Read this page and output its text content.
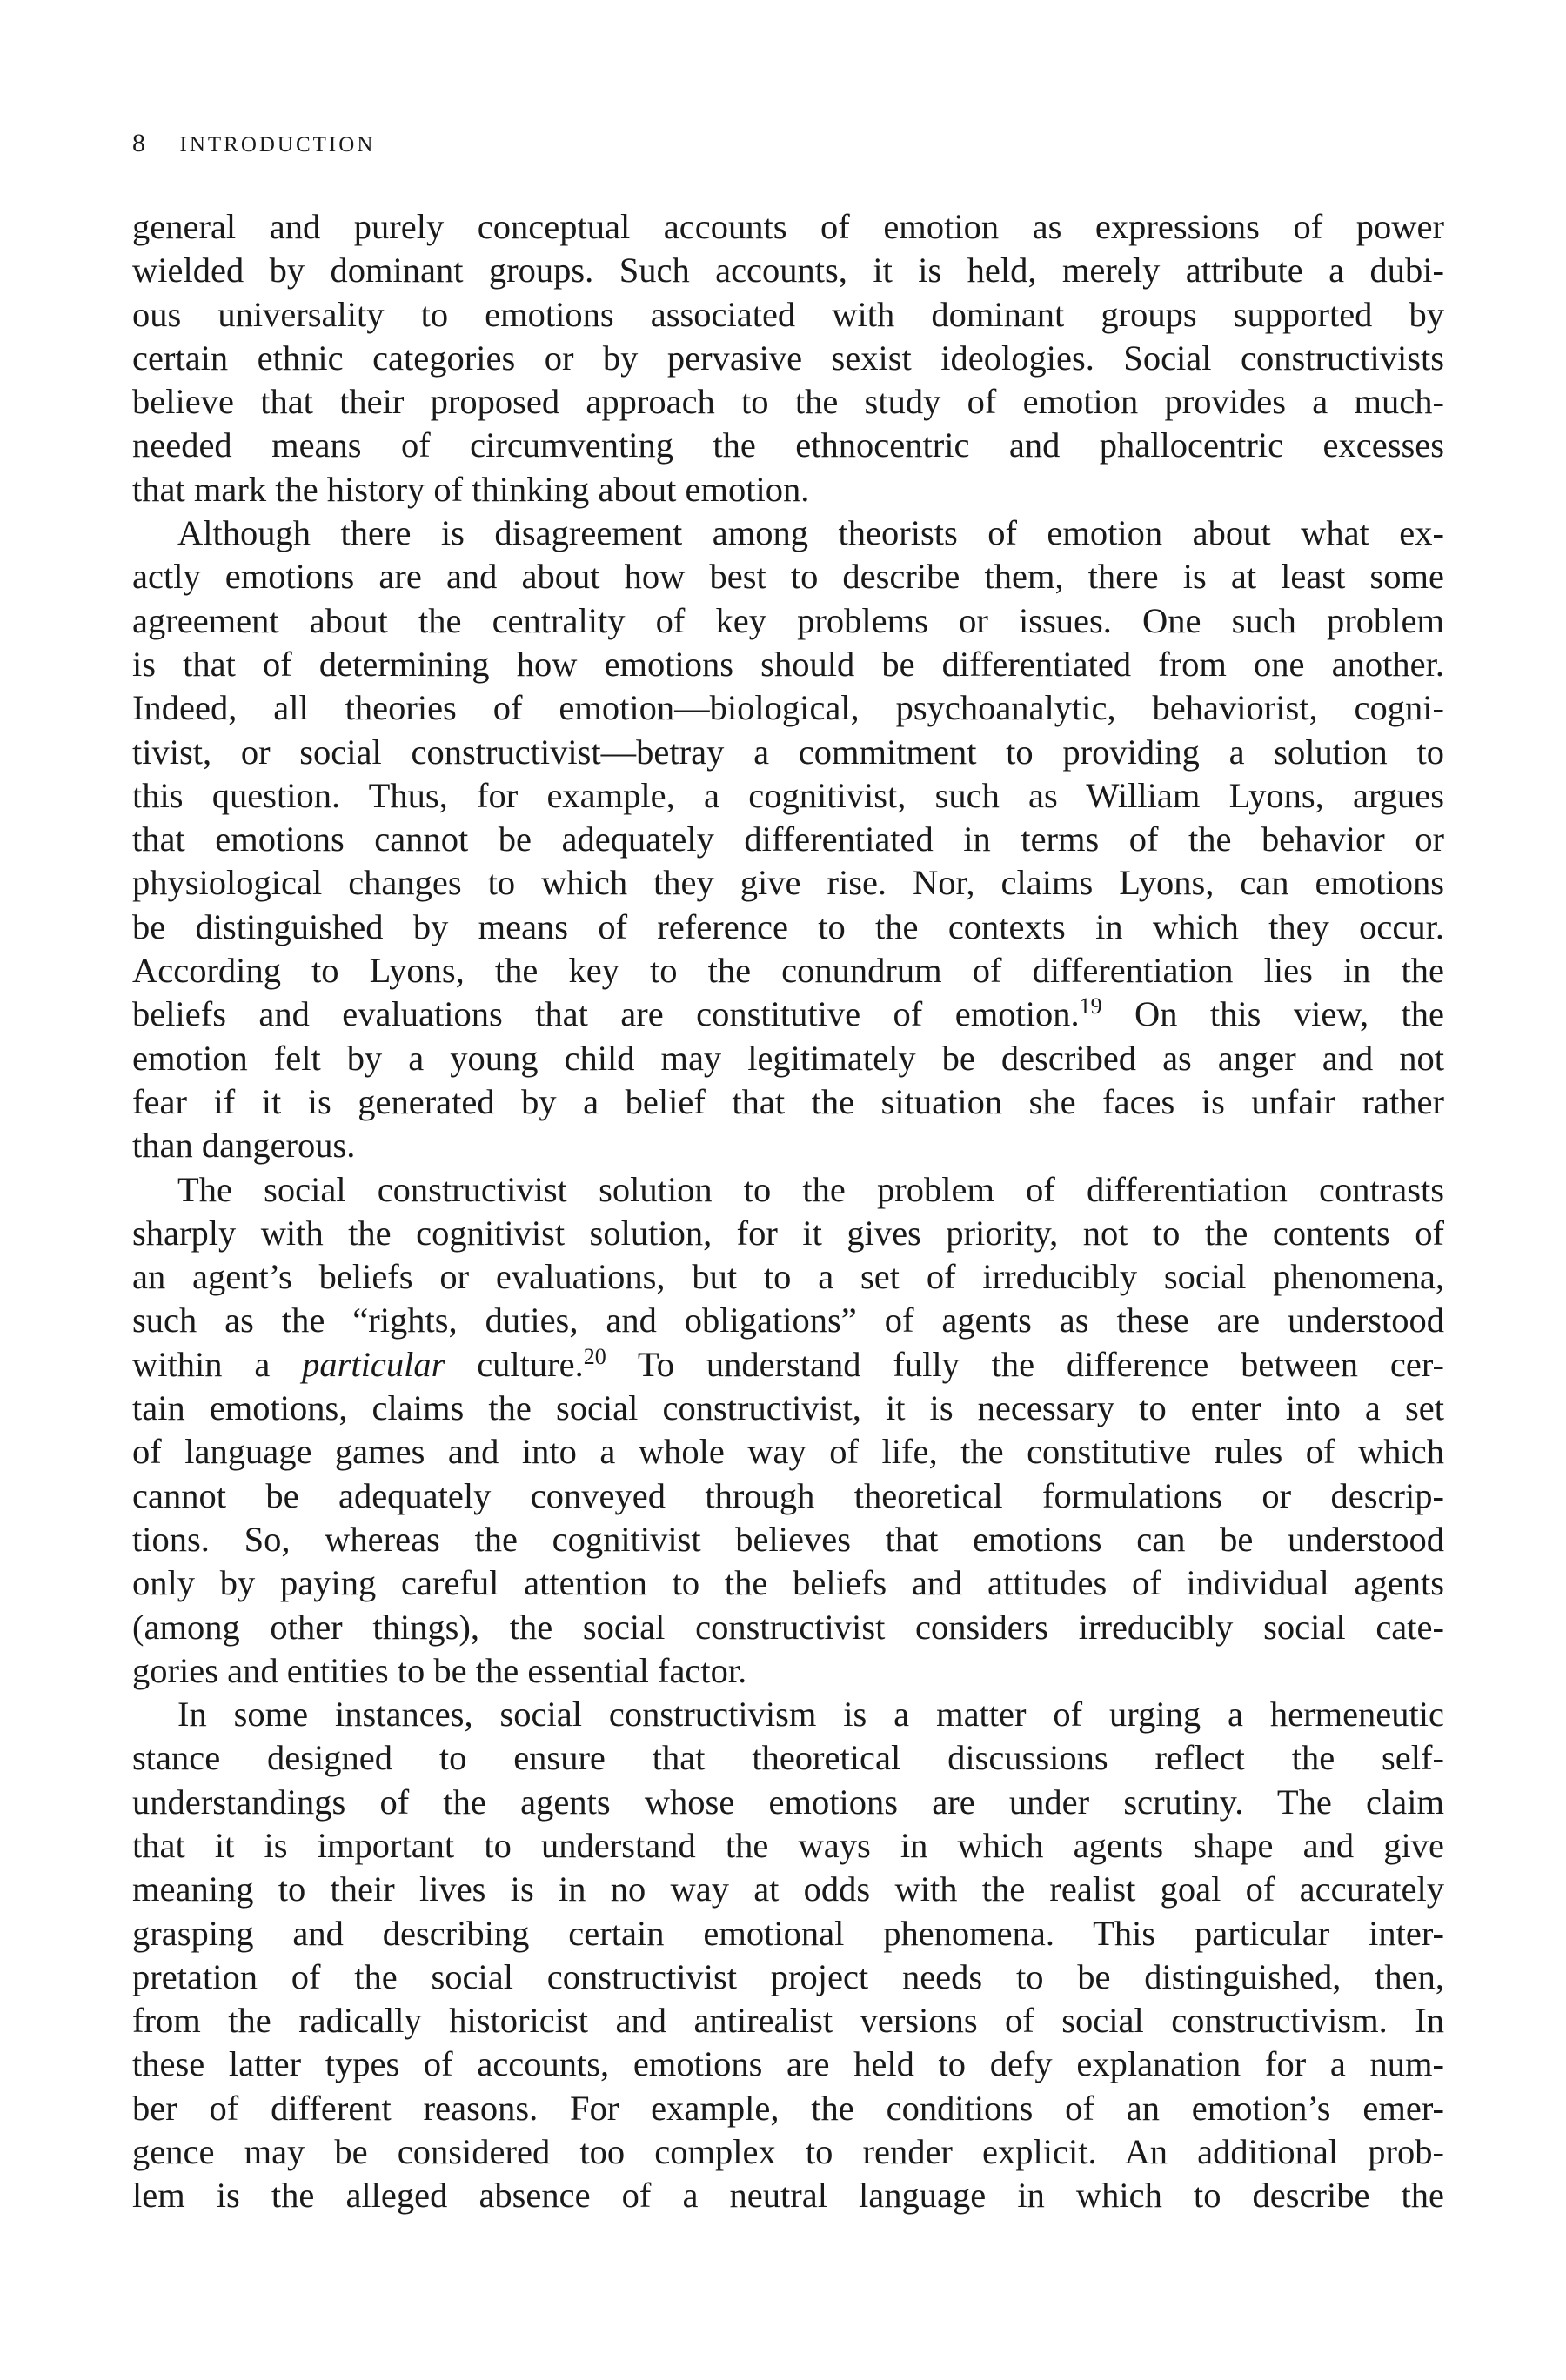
8 introduction
general and purely conceptual accounts of emotion as expressions of power
wielded by dominant groups. Such accounts, it is held, merely attribute a dubi-
ous universality to emotions associated with dominant groups supported by
certain ethnic categories or by pervasive sexist ideologies. Social constructivists
believe that their proposed approach to the study of emotion provides a much-
needed means of circumventing the ethnocentric and phallocentric excesses
that mark the history of thinking about emotion.
Although there is disagreement among theorists of emotion about what ex-
actly emotions are and about how best to describe them, there is at least some
agreement about the centrality of key problems or issues. One such problem
is that of determining how emotions should be differentiated from one another.
Indeed, all theories of emotion—biological, psychoanalytic, behaviorist, cogni-
tivist, or social constructivist—betray a commitment to providing a solution to
this question. Thus, for example, a cognitivist, such as William Lyons, argues
that emotions cannot be adequately differentiated in terms of the behavior or
physiological changes to which they give rise. Nor, claims Lyons, can emotions
be distinguished by means of reference to the contexts in which they occur.
According to Lyons, the key to the conundrum of differentiation lies in the
beliefs and evaluations that are constitutive of emotion.$^{19}$ On this view, the
emotion felt by a young child may legitimately be described as anger and not
fear if it is generated by a belief that the situation she faces is unfair rather
than dangerous.
The social constructivist solution to the problem of differentiation contrasts
sharply with the cognitivist solution, for it gives priority, not to the contents of
an agent’s beliefs or evaluations, but to a set of irreducibly social phenomena,
such as the “rights, duties, and obligations” of agents as these are understood
within a particular culture.$^{20}$ To understand fully the difference between cer-
tain emotions, claims the social constructivist, it is necessary to enter into a set
of language games and into a whole way of life, the constitutive rules of which
cannot be adequately conveyed through theoretical formulations or descrip-
tions. So, whereas the cognitivist believes that emotions can be understood
only by paying careful attention to the beliefs and attitudes of individual agents
(among other things), the social constructivist considers irreducibly social cate-
gories and entities to be the essential factor.
In some instances, social constructivism is a matter of urging a hermeneutic
stance designed to ensure that theoretical discussions reflect the self-
understandings of the agents whose emotions are under scrutiny. The claim
that it is important to understand the ways in which agents shape and give
meaning to their lives is in no way at odds with the realist goal of accurately
grasping and describing certain emotional phenomena. This particular inter-
pretation of the social constructivist project needs to be distinguished, then,
from the radically historicist and antirealist versions of social constructivism. In
these latter types of accounts, emotions are held to defy explanation for a num-
ber of different reasons. For example, the conditions of an emotion’s emer-
gence may be considered too complex to render explicit. An additional prob-
lem is the alleged absence of a neutral language in which to describe the
